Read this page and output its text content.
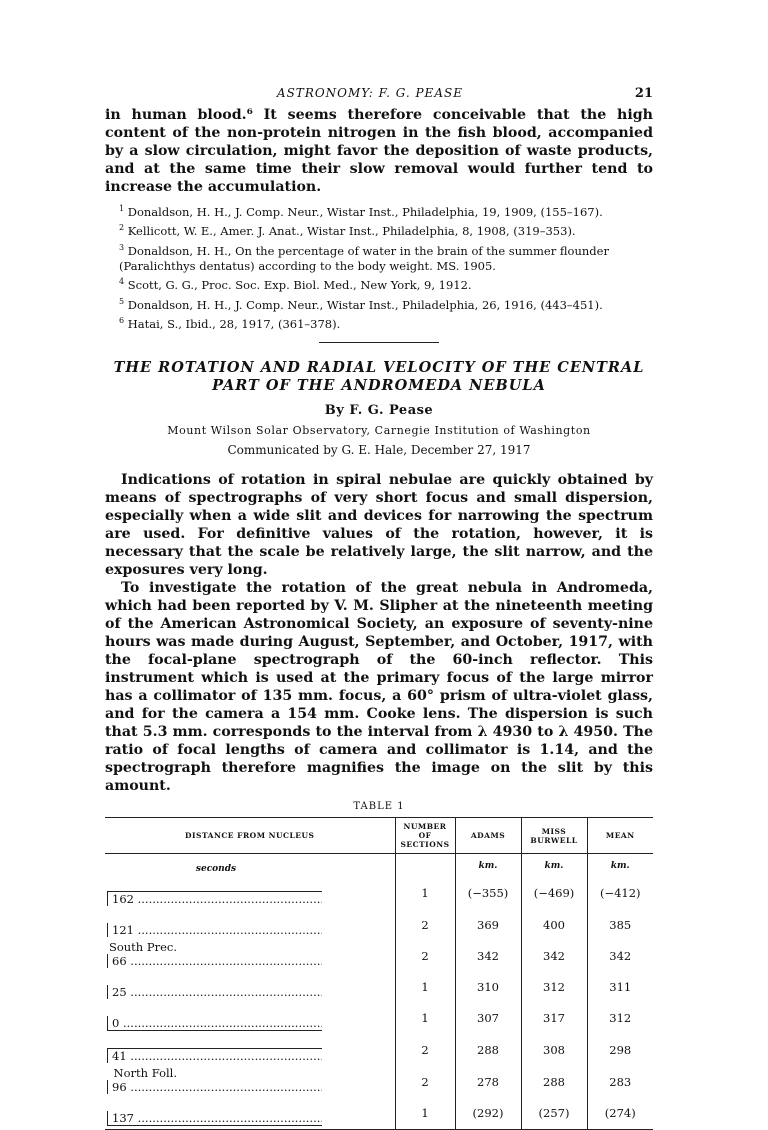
ASTRONOMY: F. G. PEASE	21

in human blood.⁶ It seems therefore conceivable that the high content of the non-protein nitrogen in the fish blood, accompanied by a slow circulation, might favor the deposition of waste products, and at the same time their slow removal would further tend to increase the accumulation.

$^1$ Donaldson, H. H., J. Comp. Neur., Wistar Inst., Philadelphia, 19, 1909, (155–167).

$^2$ Kellicott, W. E., Amer. J. Anat., Wistar Inst., Philadelphia, 8, 1908, (319–353).

$^3$ Donaldson, H. H., On the percentage of water in the brain of the summer flounder (Paralichthys dentatus) according to the body weight. MS. 1905.

$^4$ Scott, G. G., Proc. Soc. Exp. Biol. Med., New York, 9, 1912.

$^5$ Donaldson, H. H., J. Comp. Neur., Wistar Inst., Philadelphia, 26, 1916, (443–451).

$^6$ Hatai, S., Ibid., 28, 1917, (361–378).

THE ROTATION AND RADIAL VELOCITY OF THE CENTRAL PART OF THE ANDROMEDA NEBULA

By F. G. Pease

Mount Wilson Solar Observatory, Carnegie Institution of Washington

Communicated by G. E. Hale, December 27, 1917

Indications of rotation in spiral nebulae are quickly obtained by means of spectrographs of very short focus and small dispersion, especially when a wide slit and devices for narrowing the spectrum are used. For definitive values of the rotation, however, it is necessary that the scale be relatively large, the slit narrow, and the exposures very long.

To investigate the rotation of the great nebula in Andromeda, which had been reported by V. M. Slipher at the nineteenth meeting of the American Astronomical Society, an exposure of seventy-nine hours was made during August, September, and October, 1917, with the focal-plane spectrograph of the 60-inch reflector. This instrument which is used at the primary focus of the large mirror has a collimator of 135 mm. focus, a 60° prism of ultra-violet glass, and for the camera a 154 mm. Cooke lens. The dispersion is such that 5.3 mm. corresponds to the interval from λ 4930 to λ 4950. The ratio of focal lengths of camera and collimator is 1.14, and the spectrograph therefore magnifies the image on the slit by this amount.

TABLE 1
DISTANCE FROM NUCLEUS	NUMBER OF SECTIONS	ADAMS	MISS BURWELL	MEAN
seconds		km.	km.	km.
162 .....	1	(−355)	(−469)	(−412)
121 .....	2	369	400	385
South Prec.66 .....	2	342	342	342
25 .....	1	310	312	311
0 .....	1	307	317	312
41 .....	2	288	308	298
North Foll.96 .....	2	278	288	283
137 .....	1	(292)	(257)	(274)
